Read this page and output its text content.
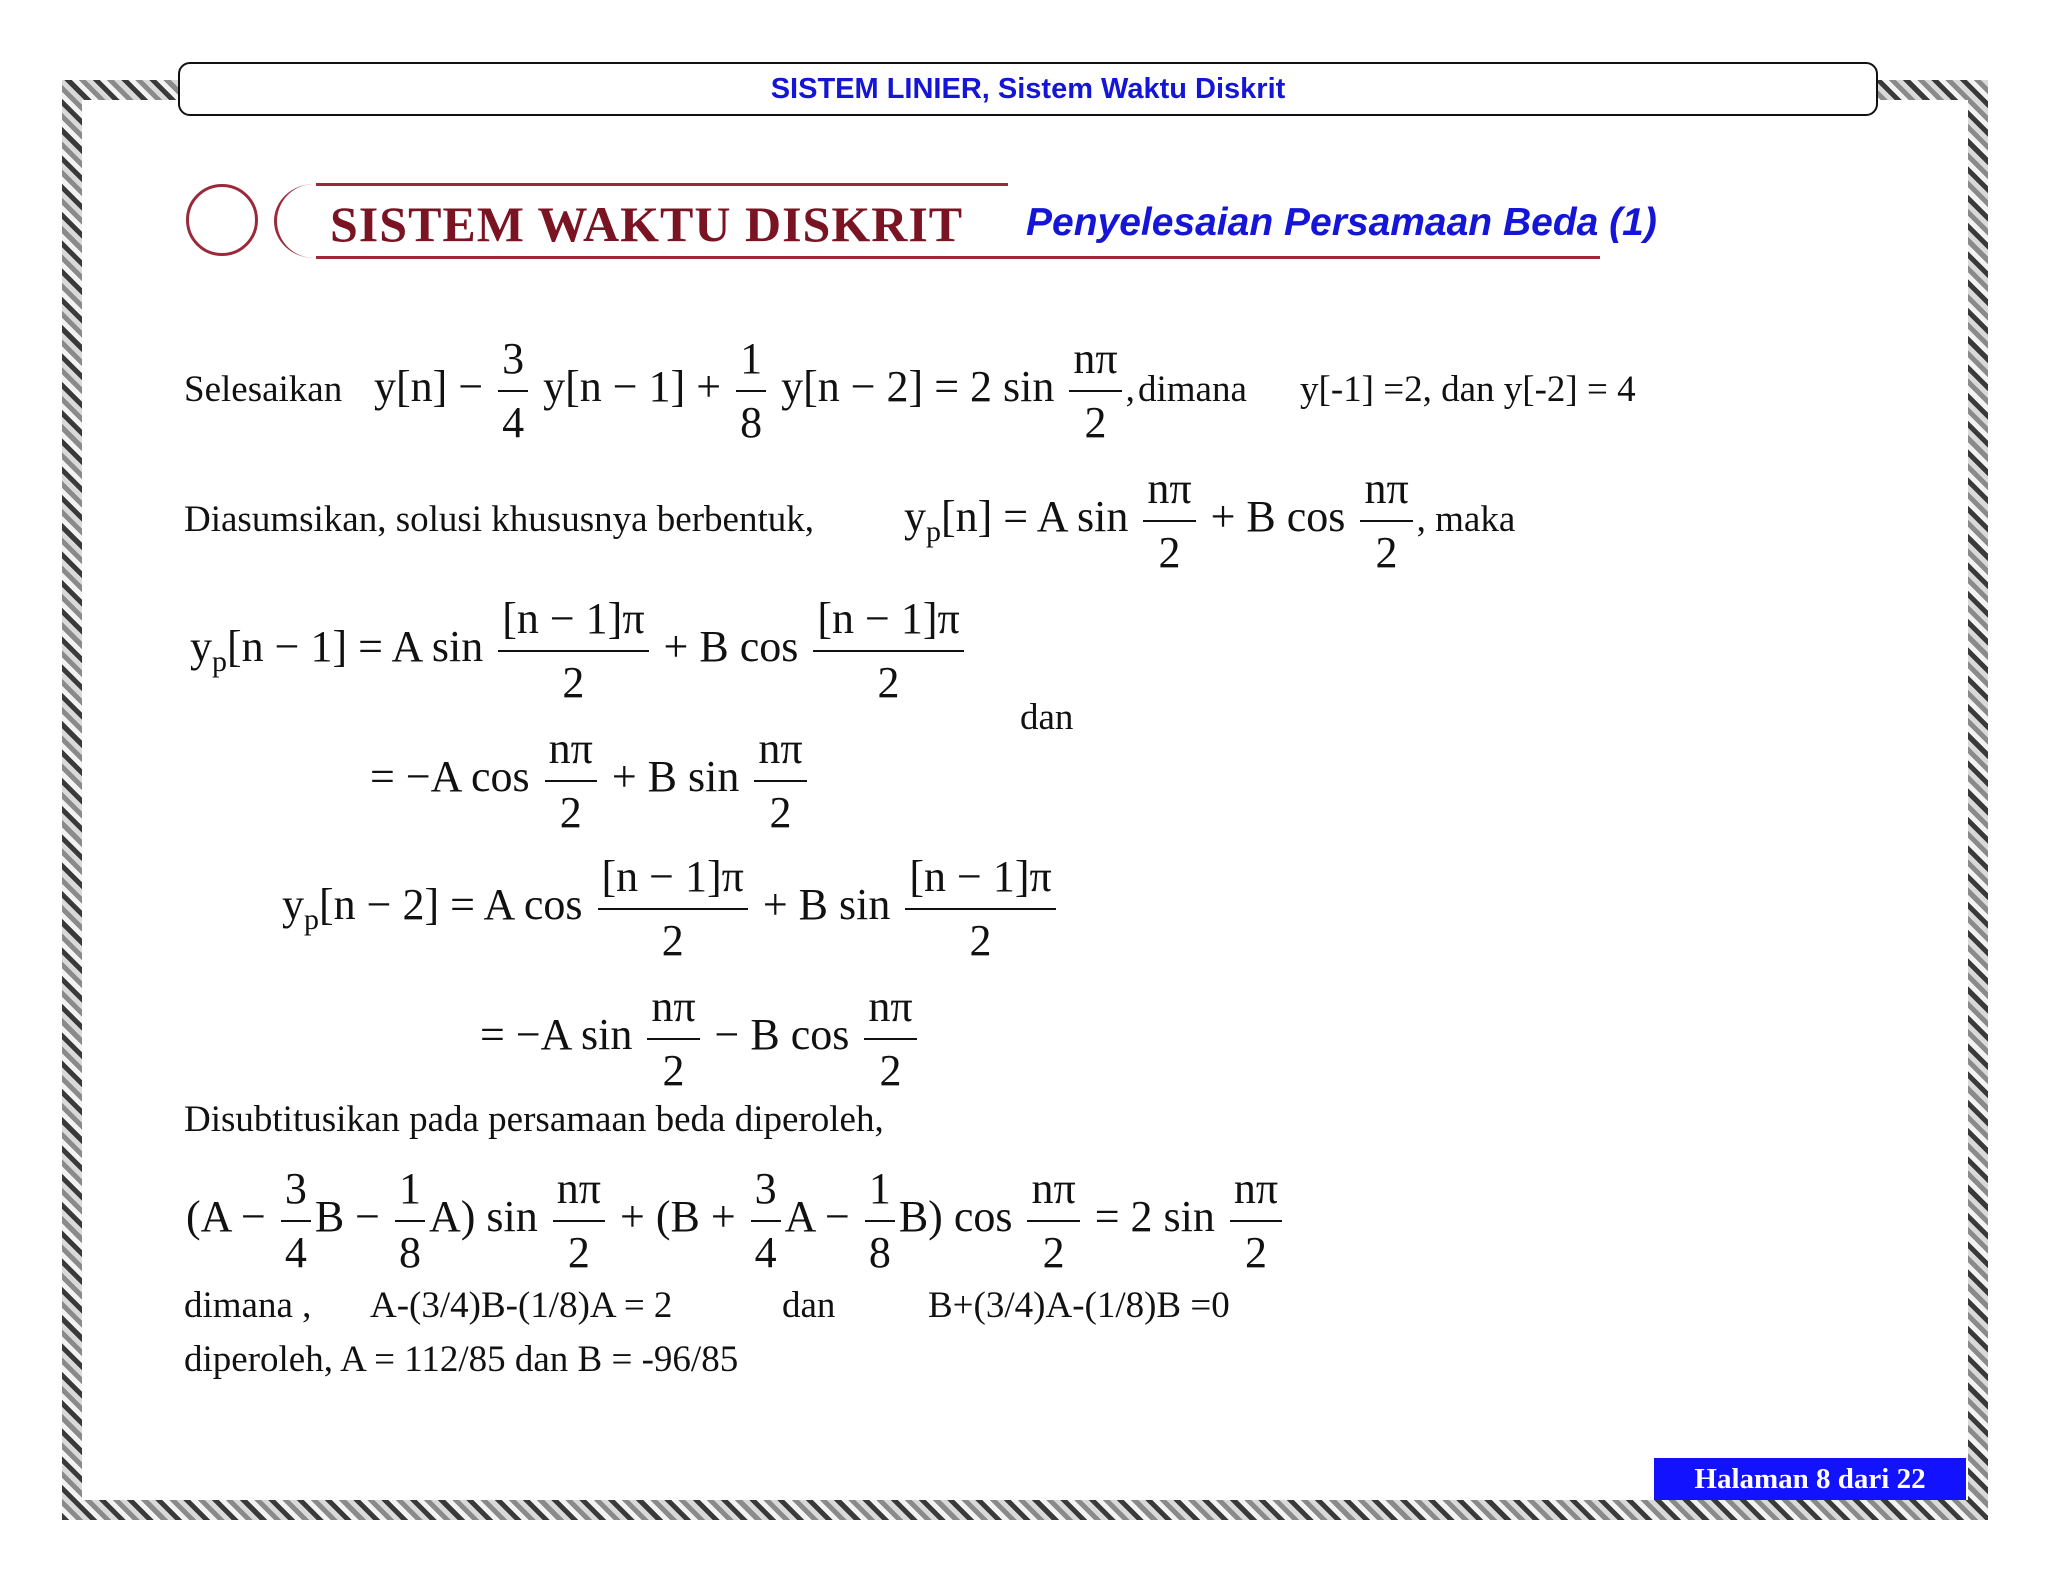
SISTEM LINIER, Sistem Waktu Diskrit
SISTEM WAKTU DISKRIT Penyelesaian Persamaan Beda (1)
Selesaikan $y[n] - \frac{3}{4} y[n - 1] + \frac{1}{8} y[n - 2] = 2$ $\sin \frac{n\pi}{2}$ , dimana y[-1] =2, dan y[-2] = 4
Diasumsikan, solusi khususnya berbentuk, $y_p[n] = A$ $\sin \frac{n\pi}{2} + B$ $\cos \frac{n\pi}{2}$ , maka
$y_p[n - 1] = A$ $\sin \frac{[n - 1]\pi}{2} + B$ $\cos \frac{[n - 1]\pi}{2}$
dan
= −A $\cos \frac{n\pi}{2} + B$ $\sin \frac{n\pi}{2}$
$y_p[n - 2] = A$ $\cos \frac{[n - 1]\pi}{2} + B$ $\sin \frac{[n - 1]\pi}{2}$
= −A $\sin \frac{n\pi}{2} - B$ $\cos \frac{n\pi}{2}$
Disubtitusikan pada persamaan beda diperoleh,
($A - \frac{3}{4}$ $B - \frac{1}{8} A$) $\sin \frac{n\pi}{2} + (B + \frac{3}{4}$ $A - \frac{1}{8} B$) $\cos \frac{n\pi}{2} = 2$ $\sin \frac{n\pi}{2}$
dimana , A-(3/4)B-(1/8)A = 2	dan	B+(3/4)A-(1/8)B =0
diperoleh, A = 112/85 dan B = -96/85
Halaman 8 dari 22
